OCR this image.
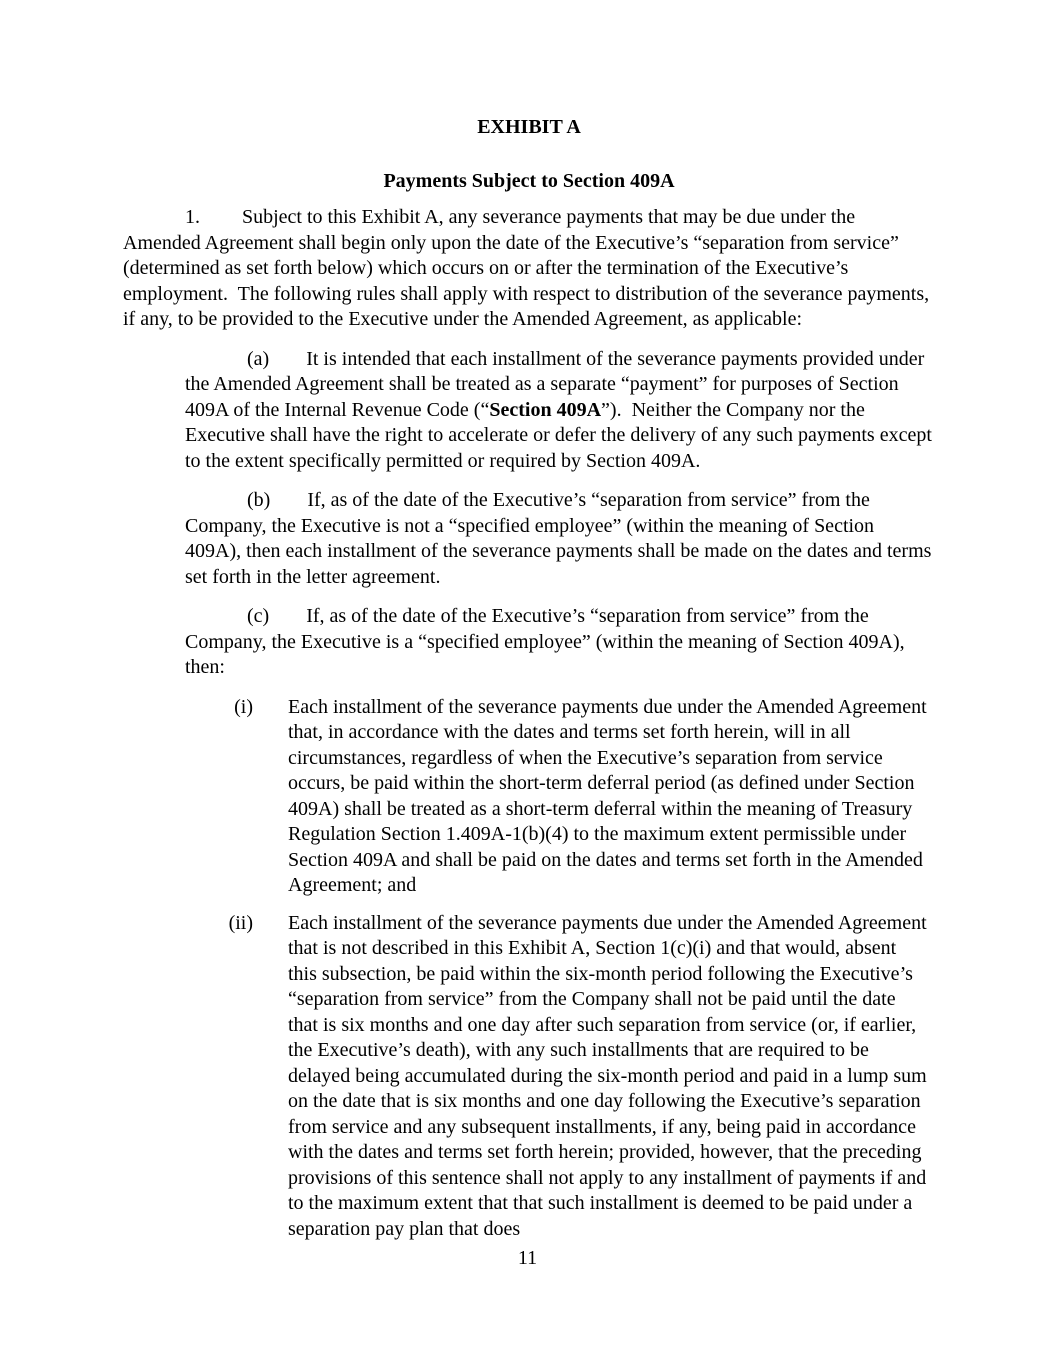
EXHIBIT A
Payments Subject to Section 409A

1. Subject to this Exhibit A, any severance payments that may be due under the Amended Agreement shall begin only upon the date of the Executive’s “separation from service” (determined as set forth below) which occurs on or after the termination of the Executive’s employment.  The following rules shall apply with respect to distribution of the severance payments, if any, to be provided to the Executive under the Amended Agreement, as applicable:

(a) It is intended that each installment of the severance payments provided under the Amended Agreement shall be treated as a separate “payment” for purposes of Section 409A of the Internal Revenue Code (“Section 409A”).  Neither the Company nor the Executive shall have the right to accelerate or defer the delivery of any such payments except to the extent specifically permitted or required by Section 409A.

(b) If, as of the date of the Executive’s “separation from service” from the Company, the Executive is not a “specified employee” (within the meaning of Section 409A), then each installment of the severance payments shall be made on the dates and terms set forth in the letter agreement.

(c) If, as of the date of the Executive’s “separation from service” from the Company, the Executive is a “specified employee” (within the meaning of Section 409A), then:

(i)	Each installment of the severance payments due under the Amended Agreement that, in accordance with the dates and terms set forth herein, will in all circumstances, regardless of when the Executive’s separation from service occurs, be paid within the short-term deferral period (as defined under Section 409A) shall be treated as a short-term deferral within the meaning of Treasury Regulation Section 1.409A-1(b)(4) to the maximum extent permissible under Section 409A and shall be paid on the dates and terms set forth in the Amended Agreement; and
(ii)	Each installment of the severance payments due under the Amended Agreement that is not described in this Exhibit A, Section 1(c)(i) and that would, absent this subsection, be paid within the six-month period following the Executive’s “separation from service” from the Company shall not be paid until the date that is six months and one day after such separation from service (or, if earlier, the Executive’s death), with any such installments that are required to be delayed being accumulated during the six-month period and paid in a lump sum on the date that is six months and one day following the Executive’s separation from service and any subsequent installments, if any, being paid in accordance with the dates and terms set forth herein; provided, however, that the preceding provisions of this sentence shall not apply to any installment of payments if and to the maximum extent that that such installment is deemed to be paid under a separation pay plan that does
11
